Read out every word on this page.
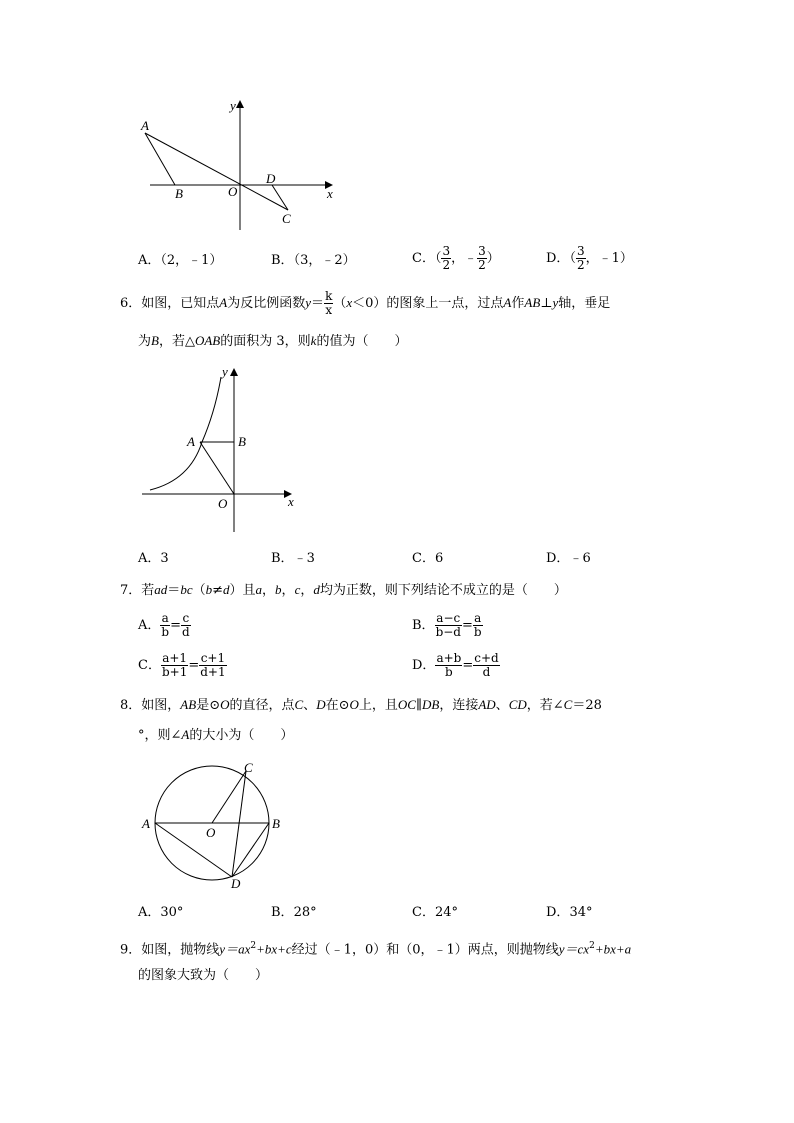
A
B	O
D
C
x
y
A．（2，﹣1）	B．（3，﹣2）	C．（ $\frac{3}{2}$ ，﹣ $\frac{3}{2}$ ）	D．（ $\frac{3}{2}$ ，﹣1）
6．如图，已知点A为反比例函数$y= \frac{k}{x} (x<0)$的图象上一点，过点A作AB⊥y轴，垂足
为B，若△OAB的面积为 3，则k的值为（　　）
A	B
O	x
y
A．3	B．﹣3	C．6	D．﹣6
7．若ad＝bc（b≠d）且a，b，c，d均为正数，则下列结论不成立的是（　　）
A． $\frac{a}{b} = \frac{c}{d}$	B． $\frac{a-c}{b-d} = \frac{a}{b}$
C． $\frac{a+1}{b+1} = \frac{c+1}{d+1}$	D． $\frac{a+b}{b} = \frac{c+d}{d}$
8．如图，AB是⊙O的直径，点C、D在⊙O上，且OC∥DB，连接AD、CD，若∠C＝28
°，则∠A的大小为（　　）
A	B
O
C
D
A．30°	B．28°	C．24°	D．34°
9．如图，抛物线$y=ax^2+bx+c$经过（﹣1，0）和（0，﹣1）两点，则抛物线$y=cx^2+bx+a$
的图象大致为（　　）
